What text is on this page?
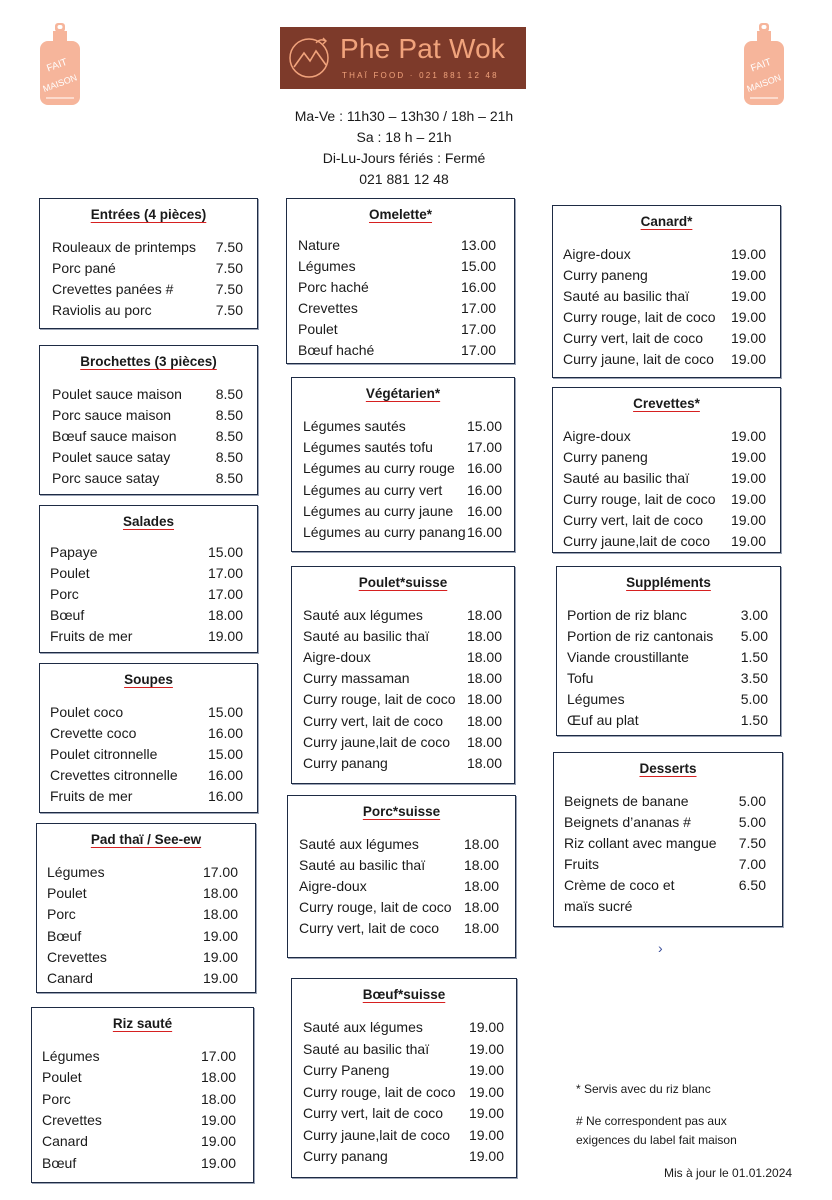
FAIT
MAISON
FAIT
MAISON
Phe Pat Wok
THAÏ FOOD · 021 881 12 48
Ma-Ve : 11h30 – 13h30 / 18h – 21h
Sa : 18 h – 21h
Di-Lu-Jours fériés : Fermé
021 881 12 48
Entrées (4 pièces)
Rouleaux de printemps 7.50
Porc pané	7.50
Crevettes panées #	7.50
Raviolis au porc	7.50
Brochettes (3 pièces)
Poulet sauce maison 8.50
Porc sauce maison	8.50
Bœuf sauce maison	8.50
Poulet sauce satay	8.50
Porc sauce satay	8.50
Salades
Papaye	15.00
Poulet	17.00
Porc	17.00
Bœuf	18.00
Fruits de mer	19.00
Soupes
Poulet coco	15.00
Crevette coco	16.00
Poulet citronnelle	15.00
Crevettes citronnelle 16.00
Fruits de mer	16.00
Pad thaï / See-ew
Légumes	17.00
Poulet	18.00
Porc	18.00
Bœuf	19.00
Crevettes	19.00
Canard	19.00
Riz sauté
Légumes	17.00
Poulet	18.00
Porc	18.00
Crevettes	19.00
Canard	19.00
Bœuf	19.00
Omelette*
Nature	13.00
Légumes	15.00
Porc haché	16.00
Crevettes	17.00
Poulet	17.00
Bœuf haché	17.00
Végétarien*
Légumes sautés	15.00
Légumes sautés tofu 17.00
Légumes au curry rouge 16.00
Légumes au curry vert 16.00
Légumes au curry jaune 16.00
Légumes au curry panang 16.00
Poulet*suisse
Sauté aux légumes	18.00
Sauté au basilic thaï	18.00
Aigre-doux	18.00
Curry massaman	18.00
Curry rouge, lait de coco 18.00
Curry vert, lait de coco 18.00
Curry jaune,lait de coco 18.00
Curry panang	18.00
Porc*suisse
Sauté aux légumes	18.00
Sauté au basilic thaï	18.00
Aigre-doux	18.00
Curry rouge, lait de coco 18.00
Curry vert, lait de coco 18.00
Bœuf*suisse
Sauté aux légumes	19.00
Sauté au basilic thaï	19.00
Curry Paneng	19.00
Curry rouge, lait de coco 19.00
Curry vert, lait de coco 19.00
Curry jaune,lait de coco 19.00
Curry panang	19.00
Canard*
Aigre-doux	19.00
Curry paneng	19.00
Sauté au basilic thaï	19.00
Curry rouge, lait de coco 19.00
Curry vert, lait de coco 19.00
Curry jaune, lait de coco 19.00
Crevettes*
Aigre-doux	19.00
Curry paneng	19.00
Sauté au basilic thaï	19.00
Curry rouge, lait de coco 19.00
Curry vert, lait de coco 19.00
Curry jaune,lait de coco 19.00
Suppléments
Portion de riz blanc	3.00
Portion de riz cantonais 5.00
Viande croustillante	1.50
Tofu	3.50
Légumes	5.00
Œuf au plat	1.50
Desserts
Beignets de banane	5.00
Beignets d’ananas #	5.00
Riz collant avec mangue 7.50
Fruits	7.00
Crème de coco et	6.50
maïs sucré
* Servis avec du riz blanc
# Ne correspondent pas aux
exigences du label fait maison
Mis à jour le 01.01.2024
›
